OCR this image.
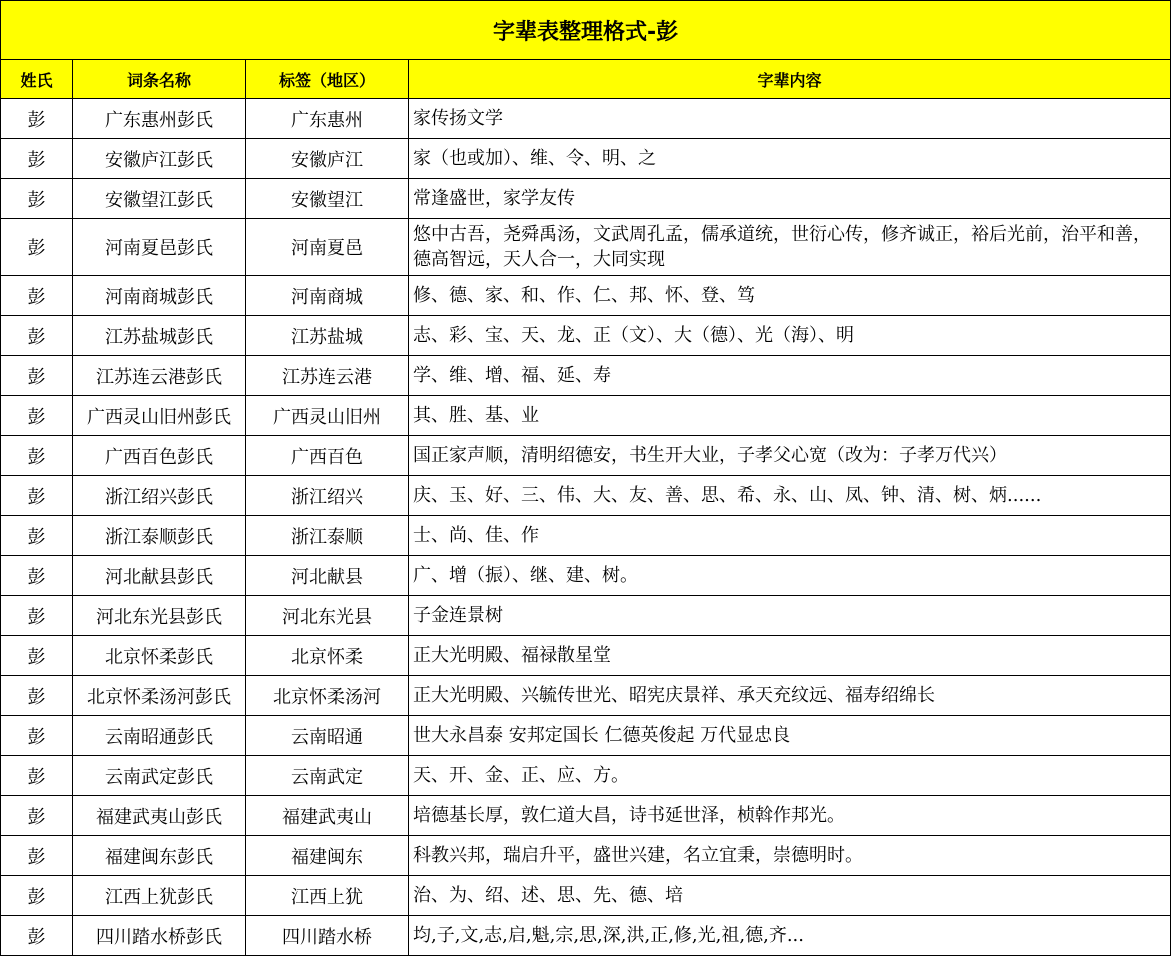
字辈表整理格式-彭			
姓氏	词条名称	标签（地区）	字辈内容
彭	广东惠州彭氏	广东惠州	家传扬文学
彭	安徽庐江彭氏	安徽庐江	家（也或加）、维、令、明、之
彭	安徽望江彭氏	安徽望江	常逢盛世，家学友传
彭	河南夏邑彭氏	河南夏邑	悠中古吾，尧舜禹汤，文武周孔孟，儒承道统，世衍心传，修齐诚正，裕后光前，治平和善，德高智远，天人合一，大同实现
彭	河南商城彭氏	河南商城	修、德、家、和、作、仁、邦、怀、登、笃
彭	江苏盐城彭氏	江苏盐城	志、彩、宝、天、龙、正（文）、大（德）、光（海）、明
彭	江苏连云港彭氏	江苏连云港	学、维、增、福、延、寿
彭	广西灵山旧州彭氏	广西灵山旧州	其、胜、基、业
彭	广西百色彭氏	广西百色	国正家声顺，清明绍德安，书生开大业，子孝父心宽（改为：子孝万代兴）
彭	浙江绍兴彭氏	浙江绍兴	庆、玉、好、三、伟、大、友、善、思、希、永、山、凤、钟、清、树、炳......
彭	浙江泰顺彭氏	浙江泰顺	士、尚、佳、作
彭	河北献县彭氏	河北献县	广、增（振）、继、建、树。
彭	河北东光县彭氏	河北东光县	子金连景树
彭	北京怀柔彭氏	北京怀柔	正大光明殿、福禄散星堂
彭	北京怀柔汤河彭氏	北京怀柔汤河	正大光明殿、兴毓传世光、昭宪庆景祥、承天充纹远、福寿绍绵长
彭	云南昭通彭氏	云南昭通	世大永昌泰 安邦定国长 仁德英俊起 万代显忠良
彭	云南武定彭氏	云南武定	天、开、金、正、应、方。
彭	福建武夷山彭氏	福建武夷山	培德基长厚，敦仁道大昌，诗书延世泽，桢斡作邦光。
彭	福建闽东彭氏	福建闽东	科教兴邦，瑞启升平，盛世兴建，名立宜秉，崇德明时。
彭	江西上犹彭氏	江西上犹	治、为、绍、述、思、先、德、培
彭	四川踏水桥彭氏	四川踏水桥	均,子,文,志,启,魁,宗,思,深,洪,正,修,光,祖,德,齐...
